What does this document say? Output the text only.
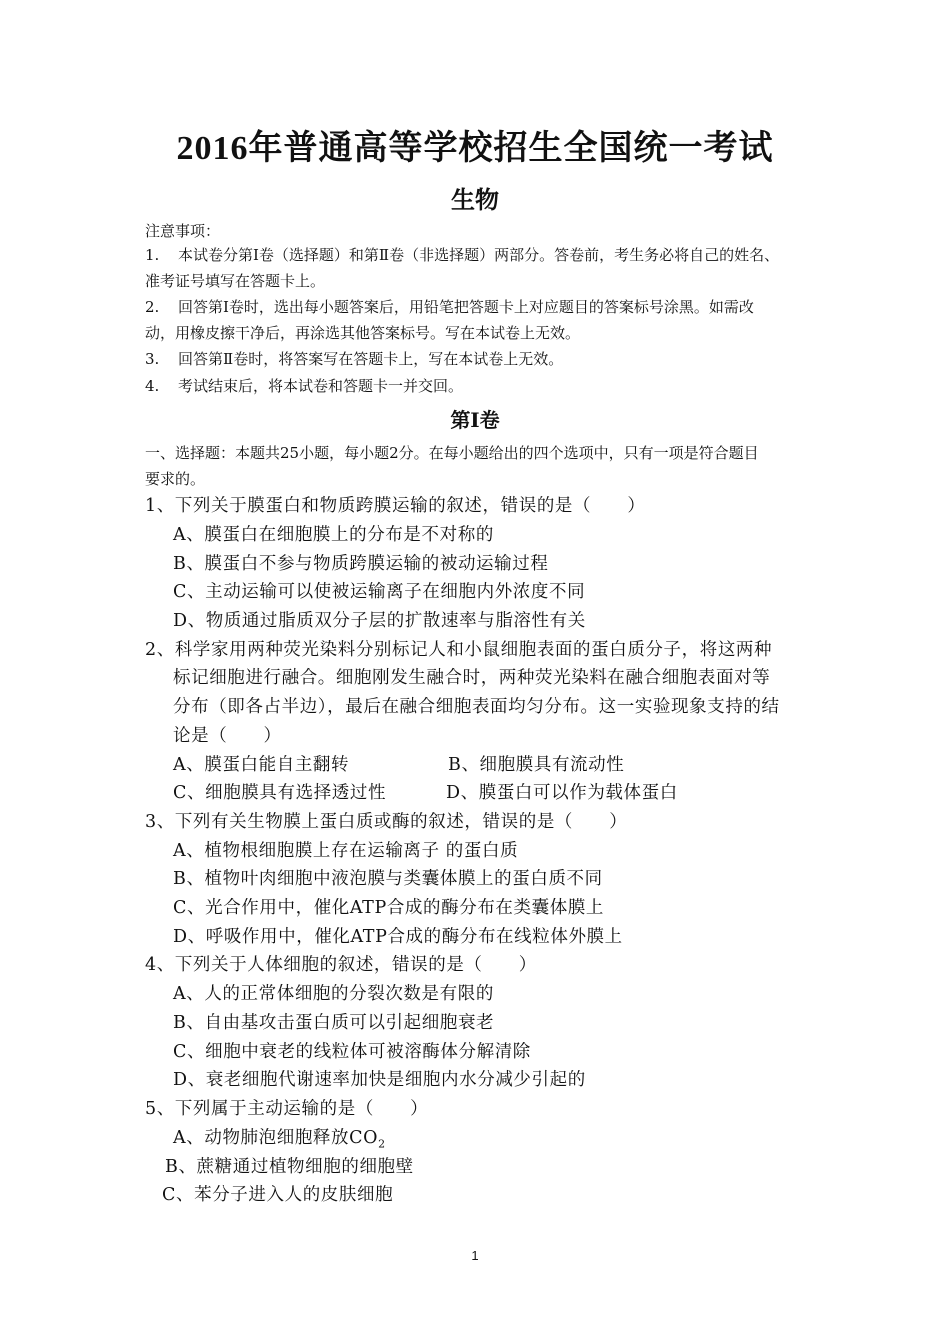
2016年普通高等学校招生全国统一考试
生物
注意事项：
1. 本试卷分第Ⅰ卷（选择题）和第Ⅱ卷（非选择题）两部分。答卷前，考生务必将自己的姓名、
准考证号填写在答题卡上。
2. 回答第Ⅰ卷时，选出每小题答案后，用铅笔把答题卡上对应题目的答案标号涂黑。如需改
动，用橡皮擦干净后，再涂选其他答案标号。写在本试卷上无效。
3. 回答第Ⅱ卷时，将答案写在答题卡上，写在本试卷上无效。
4. 考试结束后，将本试卷和答题卡一并交回。
第Ⅰ卷
一、选择题：本题共25小题，每小题2分。在每小题给出的四个选项中，只有一项是符合题目
要求的。
1、下列关于膜蛋白和物质跨膜运输的叙述，错误的是（　　）
A、膜蛋白在细胞膜上的分布是不对称的
B、膜蛋白不参与物质跨膜运输的被动运输过程
C、主动运输可以使被运输离子在细胞内外浓度不同
D、物质通过脂质双分子层的扩散速率与脂溶性有关
2、科学家用两种荧光染料分别标记人和小鼠细胞表面的蛋白质分子，将这两种
标记细胞进行融合。细胞刚发生融合时，两种荧光染料在融合细胞表面对等
分布（即各占半边），最后在融合细胞表面均匀分布。这一实验现象支持的结
论是（　　）
A、膜蛋白能自主翻转	B、细胞膜具有流动性
C、细胞膜具有选择透过性	D、膜蛋白可以作为载体蛋白
3、下列有关生物膜上蛋白质或酶的叙述，错误的是（　　）
A、植物根细胞膜上存在运输离子 的蛋白质
B、植物叶肉细胞中液泡膜与类囊体膜上的蛋白质不同
C、光合作用中，催化ATP合成的酶分布在类囊体膜上
D、呼吸作用中，催化ATP合成的酶分布在线粒体外膜上
4、下列关于人体细胞的叙述，错误的是（　　）
A、人的正常体细胞的分裂次数是有限的
B、自由基攻击蛋白质可以引起细胞衰老
C、细胞中衰老的线粒体可被溶酶体分解清除
D、衰老细胞代谢速率加快是细胞内水分减少引起的
5、下列属于主动运输的是（　　）
A、动物肺泡细胞释放$CO_2$
B、蔗糖通过植物细胞的细胞壁
C、苯分子进入人的皮肤细胞
1
